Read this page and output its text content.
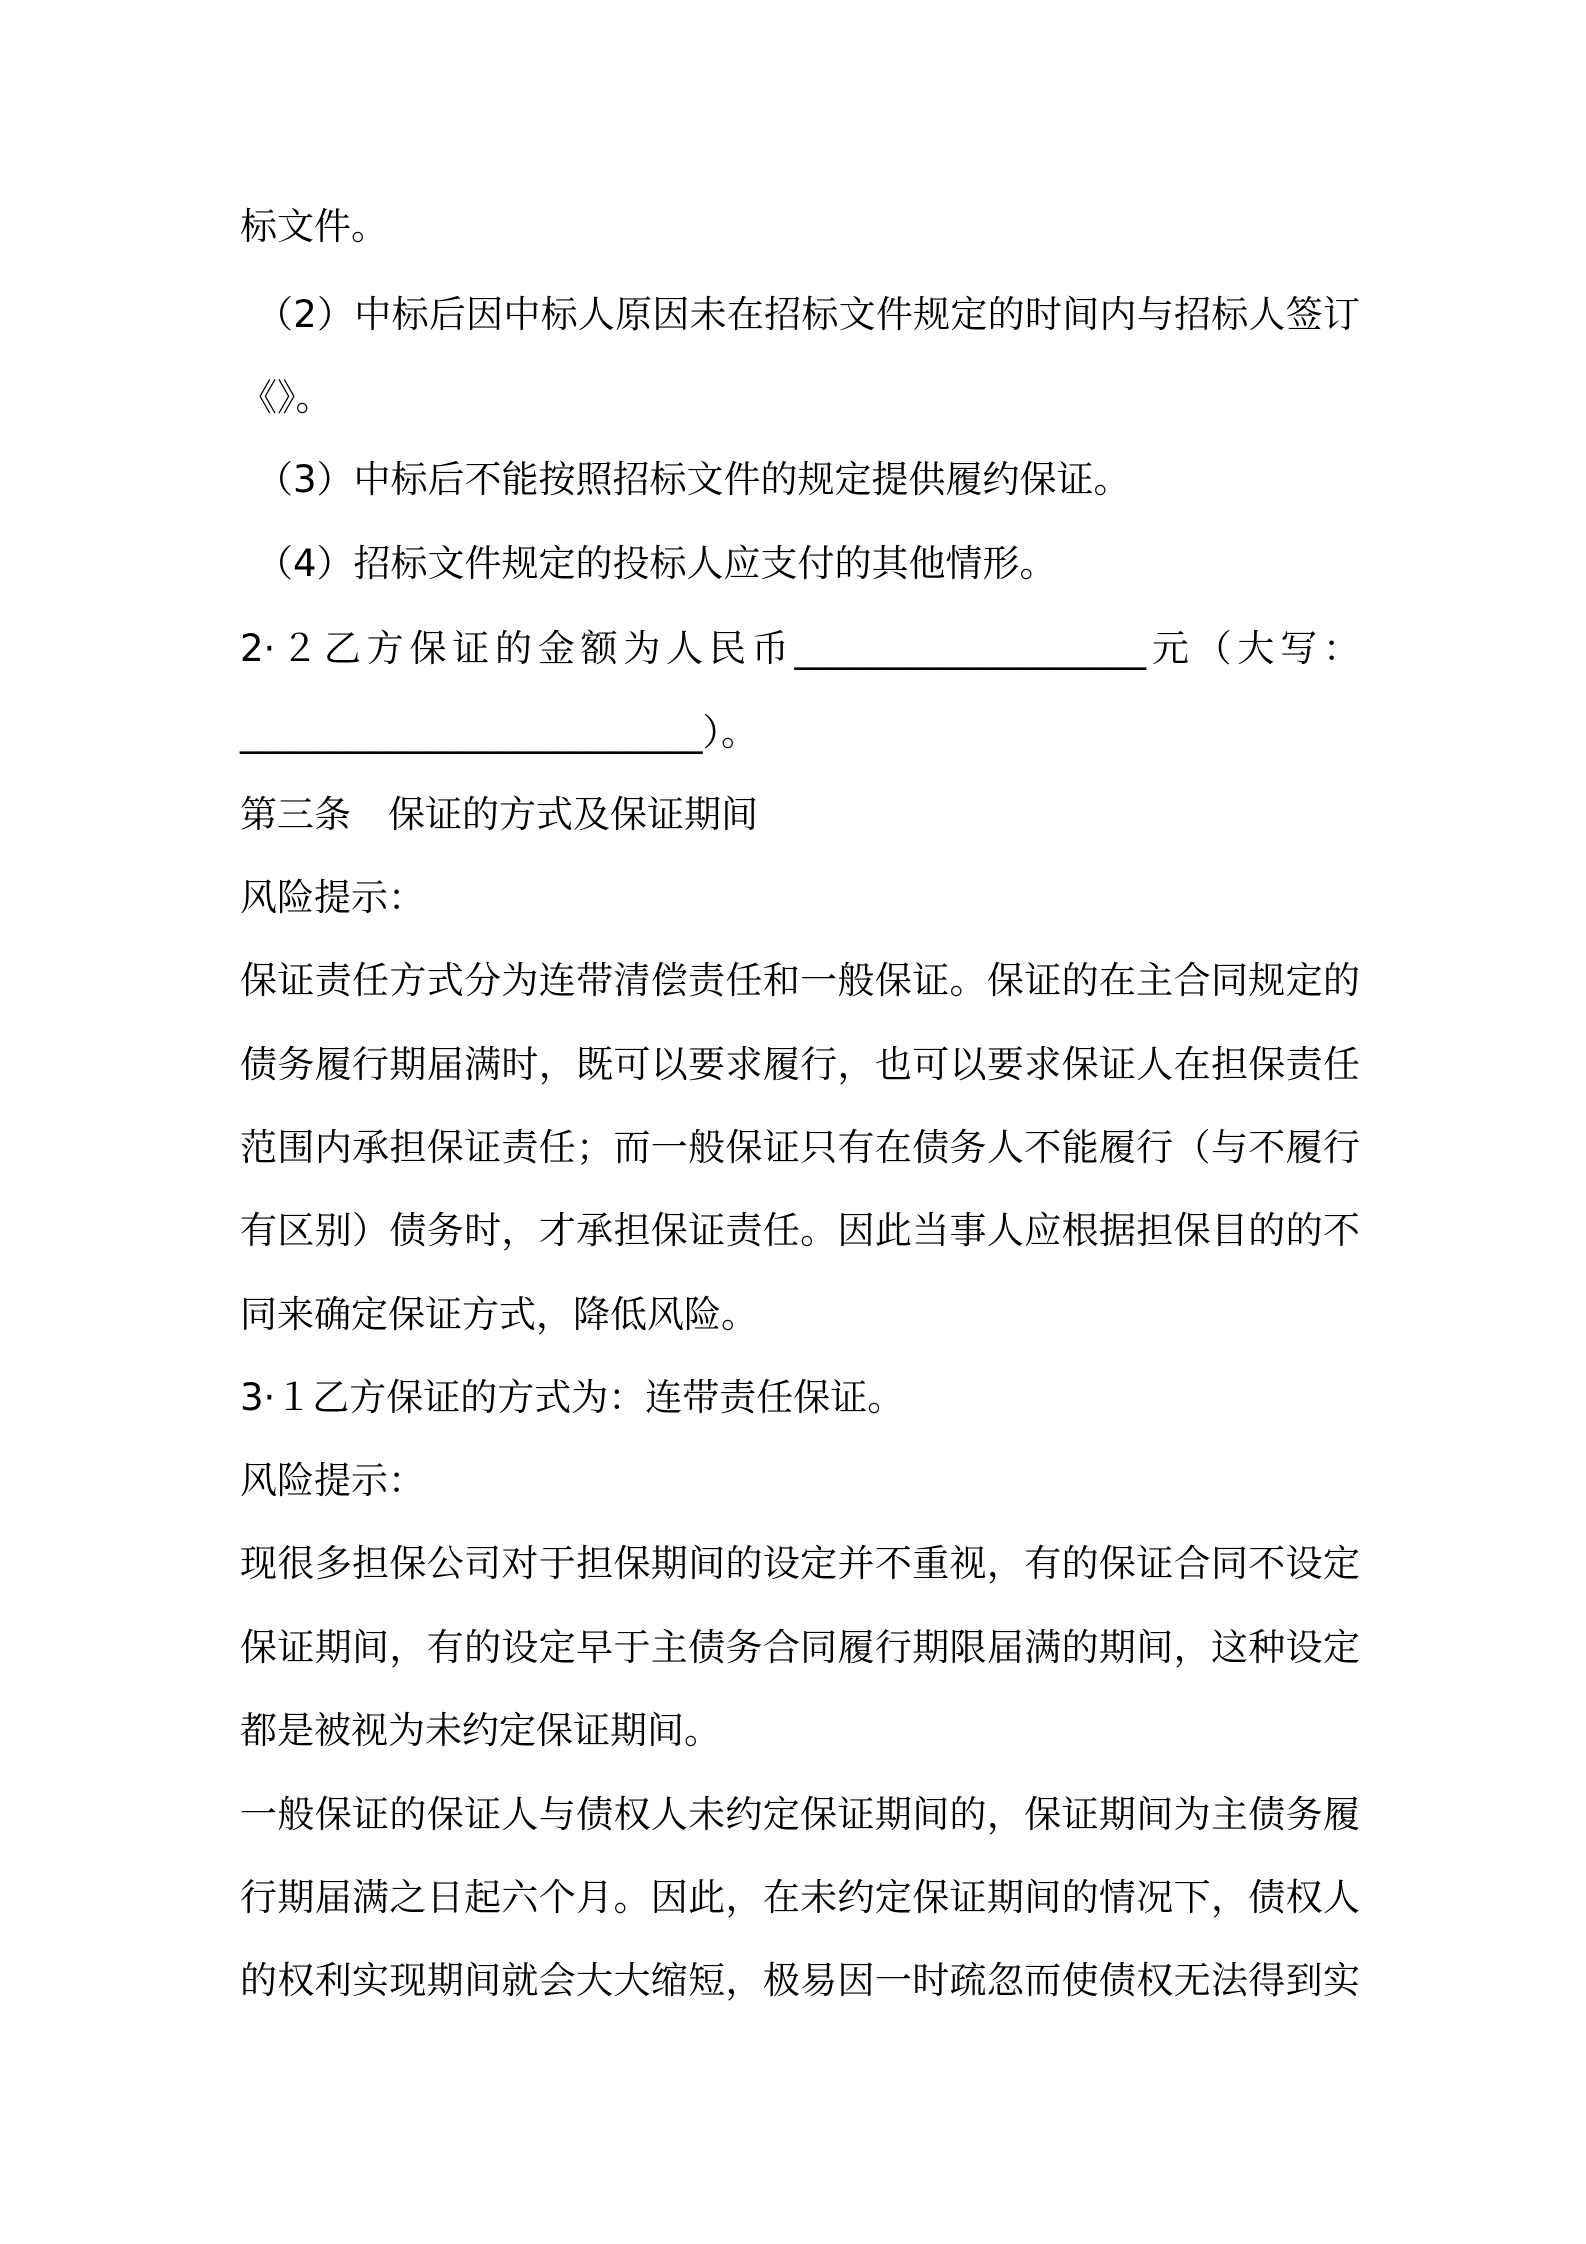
标文件。
（2）中标后因中标人原因未在招标文件规定的时间内与招标人签订
《》。
（3）中标后不能按照招标文件的规定提供履约保证。
（4）招标文件规定的投标人应支付的其他情形。
2·２乙方保证的金额为人民币___________________元（大写：
_________________________）。
第三条　保证的方式及保证期间
风险提示：
保证责任方式分为连带清偿责任和一般保证。保证的在主合同规定的
债务履行期届满时，既可以要求履行，也可以要求保证人在担保责任
范围内承担保证责任；而一般保证只有在债务人不能履行（与不履行
有区别）债务时，才承担保证责任。因此当事人应根据担保目的的不
同来确定保证方式，降低风险。
3·１乙方保证的方式为：连带责任保证。
风险提示：
现很多担保公司对于担保期间的设定并不重视，有的保证合同不设定
保证期间，有的设定早于主债务合同履行期限届满的期间，这种设定
都是被视为未约定保证期间。
一般保证的保证人与债权人未约定保证期间的，保证期间为主债务履
行期届满之日起六个月。因此，在未约定保证期间的情况下，债权人
的权利实现期间就会大大缩短，极易因一时疏忽而使债权无法得到实
